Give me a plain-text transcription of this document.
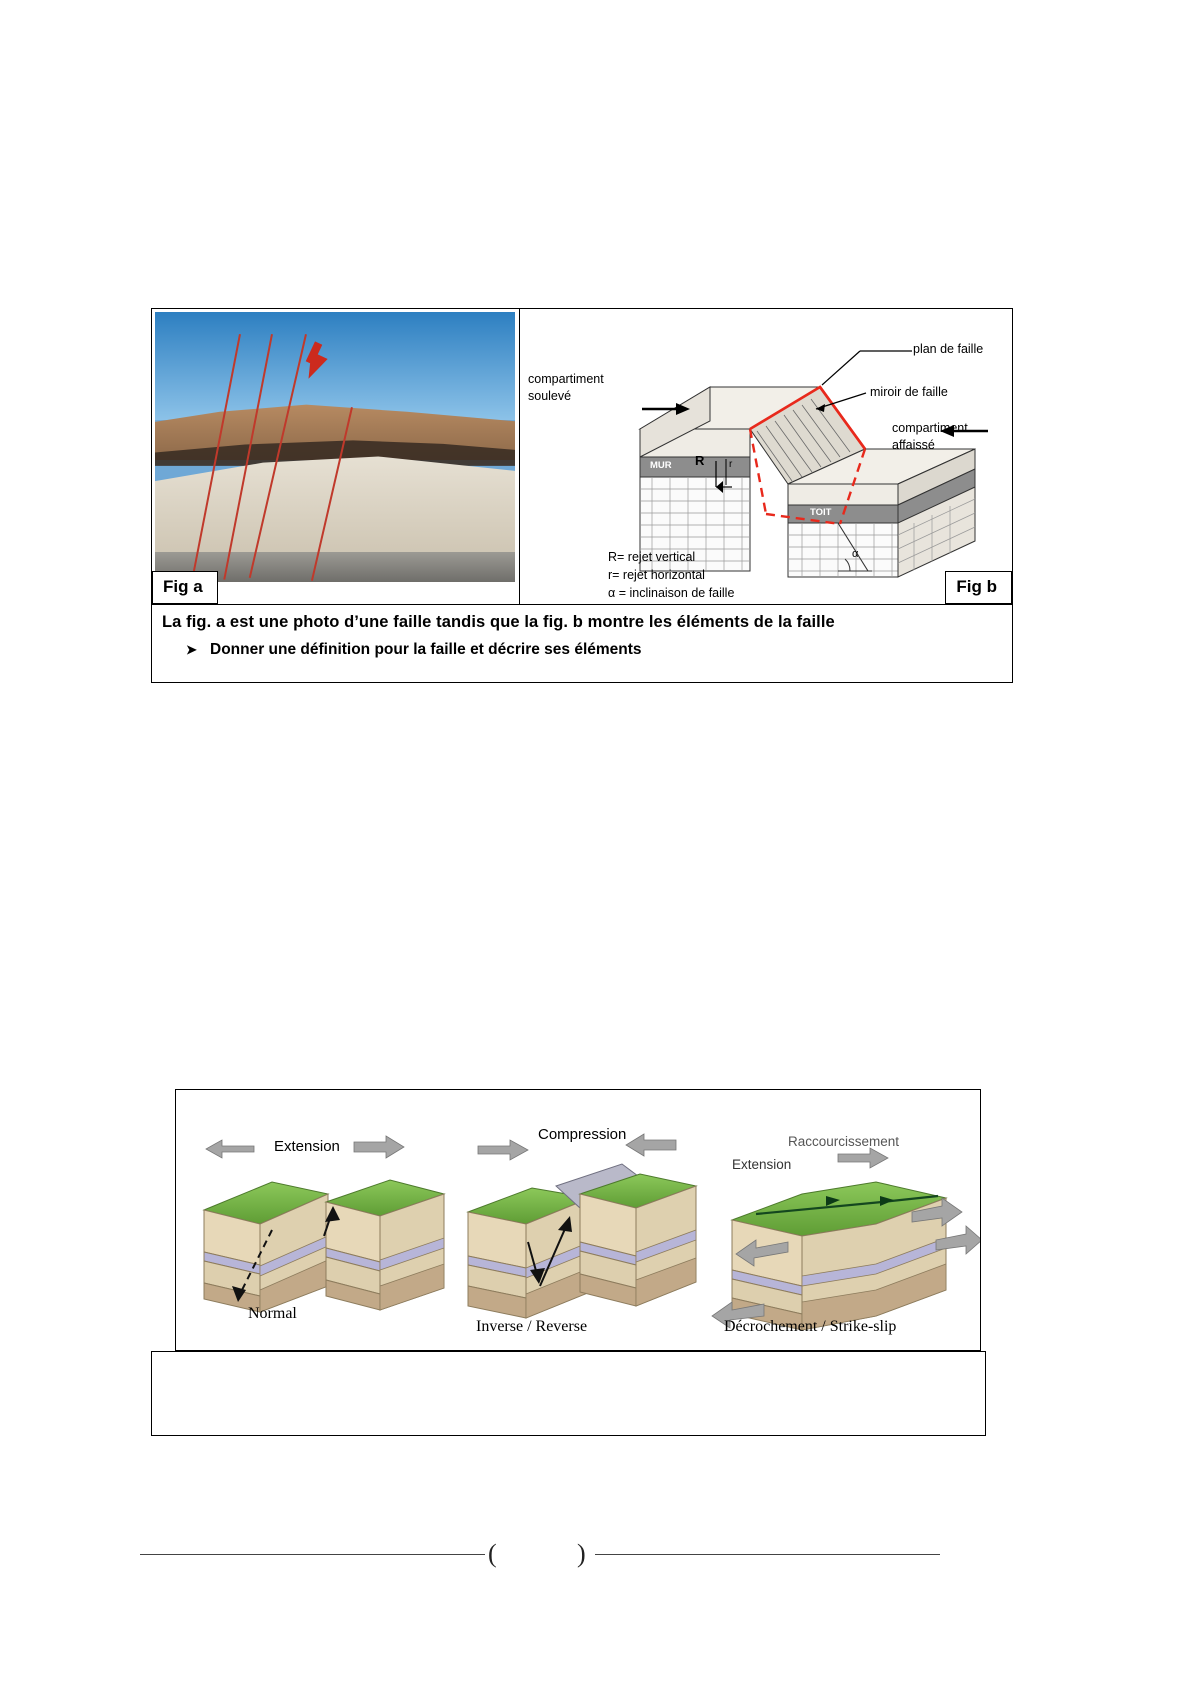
Fig a
plan de faille
miroir de faille
compartiment
soulevé
compartiment
affaissé
MUR
TOIT
R r
α
R= rejet vertical
r= rejet horizontal
α = inclinaison de faille	Fig b
La fig. a est une photo d’une faille tandis que la fig. b montre les éléments de la faille
➤ Donner une définition pour la faille et décrire ses éléments
Extension
Normal
Compression
Inverse / Reverse
Raccourcissement
Extension
Décrochement / Strike-slip
(	)
